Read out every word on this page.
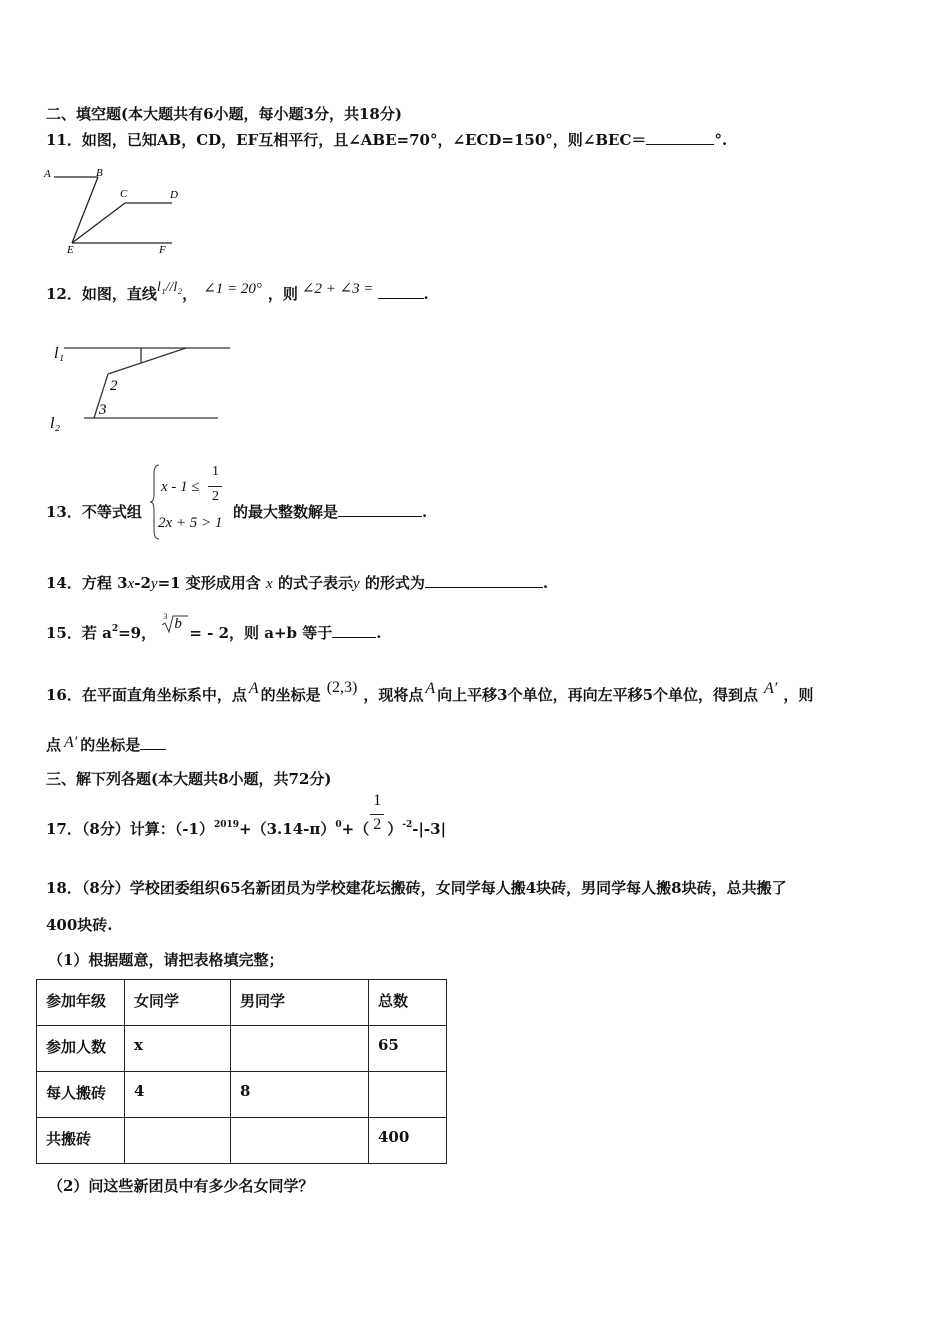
二、填空题(本大题共有6小题，每小题3分，共18分)
11．如图，已知AB，CD，EF互相平行，且∠ABE=70°，∠ECD=150°，则∠BEC＝	°.
A	B
C	D
E	F
12．如图，直线l₁//l₂， ∠1 = 20° ，则 ∠2 + ∠3 =	.
l₁
l₂
2
3
13．不等式组
x - 1 ≤
1
2
2x + 5 > 1
的最大整数解是	.
14．方程 3x-2y=1 变形成用含 x 的式子表示y 的形式为	.
15．若 $a^2=9$，
3 b = - 2，则 a+b 等于	.
16．在平面直角坐标系中，点 A 的坐标是 (2,3) ，现将点 A 向上平移3个单位，再向左平移5个单位，得到点 A′ ，则
点 A′ 的坐标是
三、解下列各题(本大题共8小题，共72分)
17．（8分）计算：$(-1)^{2019}+(3.14-\pi)^0+( \frac{1}{2} )^{-2}-|-3|$
18．（8分）学校团委组织65名新团员为学校建花坛搬砖，女同学每人搬4块砖，男同学每人搬8块砖，总共搬了
400块砖.
（1）根据题意，请把表格填完整；
参加年级	女同学	男同学	总数
参加人数	x		65
每人搬砖	4	8	
共搬砖			400
（2）问这些新团员中有多少名女同学？
